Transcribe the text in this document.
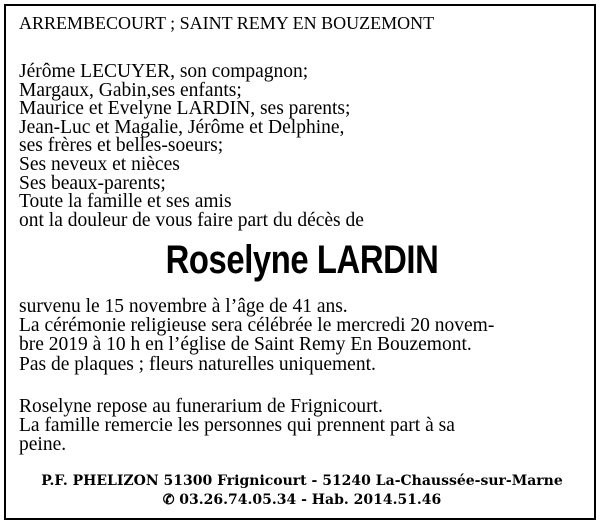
ARREMBECOURT ; SAINT REMY EN BOUZEMONT
Jérôme LECUYER, son compagnon;
Margaux, Gabin,ses enfants;
Maurice et Evelyne LARDIN, ses parents;
Jean-Luc et Magalie, Jérôme et Delphine,
ses frères et belles-soeurs;
Ses neveux et nièces
Ses beaux-parents;
Toute la famille et ses amis
ont la douleur de vous faire part du décès de
Roselyne LARDIN
survenu le 15 novembre à l’âge de 41 ans.
La cérémonie religieuse sera célébrée le mercredi 20 novem-
bre 2019 à 10 h en l’église de Saint Remy En Bouzemont.
Pas de plaques ; fleurs naturelles uniquement.
Roselyne repose au funerarium de Frignicourt.
La famille remercie les personnes qui prennent part à sa
peine.
P.F. PHELIZON 51300 Frignicourt - 51240 La-Chaussée-sur-Marne
✆ 03.26.74.05.34 - Hab. 2014.51.46
